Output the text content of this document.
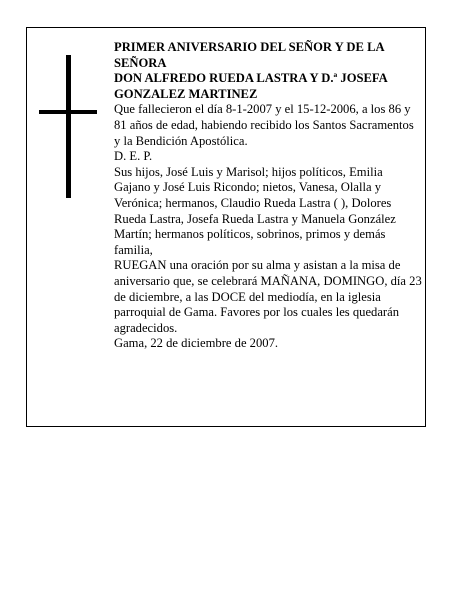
PRIMER ANIVERSARIO DEL SEÑOR Y DE LA SEÑORA

DON ALFREDO RUEDA LASTRA Y D.ª JOSEFA GONZALEZ MARTINEZ

Que fallecieron el día 8-1-2007 y el 15-12-2006, a los 86 y 81 años de edad, habiendo recibido los Santos Sacramentos y la Bendición Apostólica.

D. E. P.

Sus hijos, José Luis y Marisol; hijos políticos, Emilia Gajano y José Luis Ricondo; nietos, Vanesa, Olalla y Verónica; hermanos, Claudio Rueda Lastra ( ), Dolores Rueda Lastra, Josefa Rueda Lastra y Manuela González Martín; hermanos políticos, sobrinos, primos y demás familia,

RUEGAN una oración por su alma y asistan a la misa de aniversario que, se celebrará MAÑANA, DOMINGO, día 23 de diciembre, a las DOCE del mediodía, en la iglesia parroquial de Gama. Favores por los cuales les quedarán agradecidos.

Gama, 22 de diciembre de 2007.
